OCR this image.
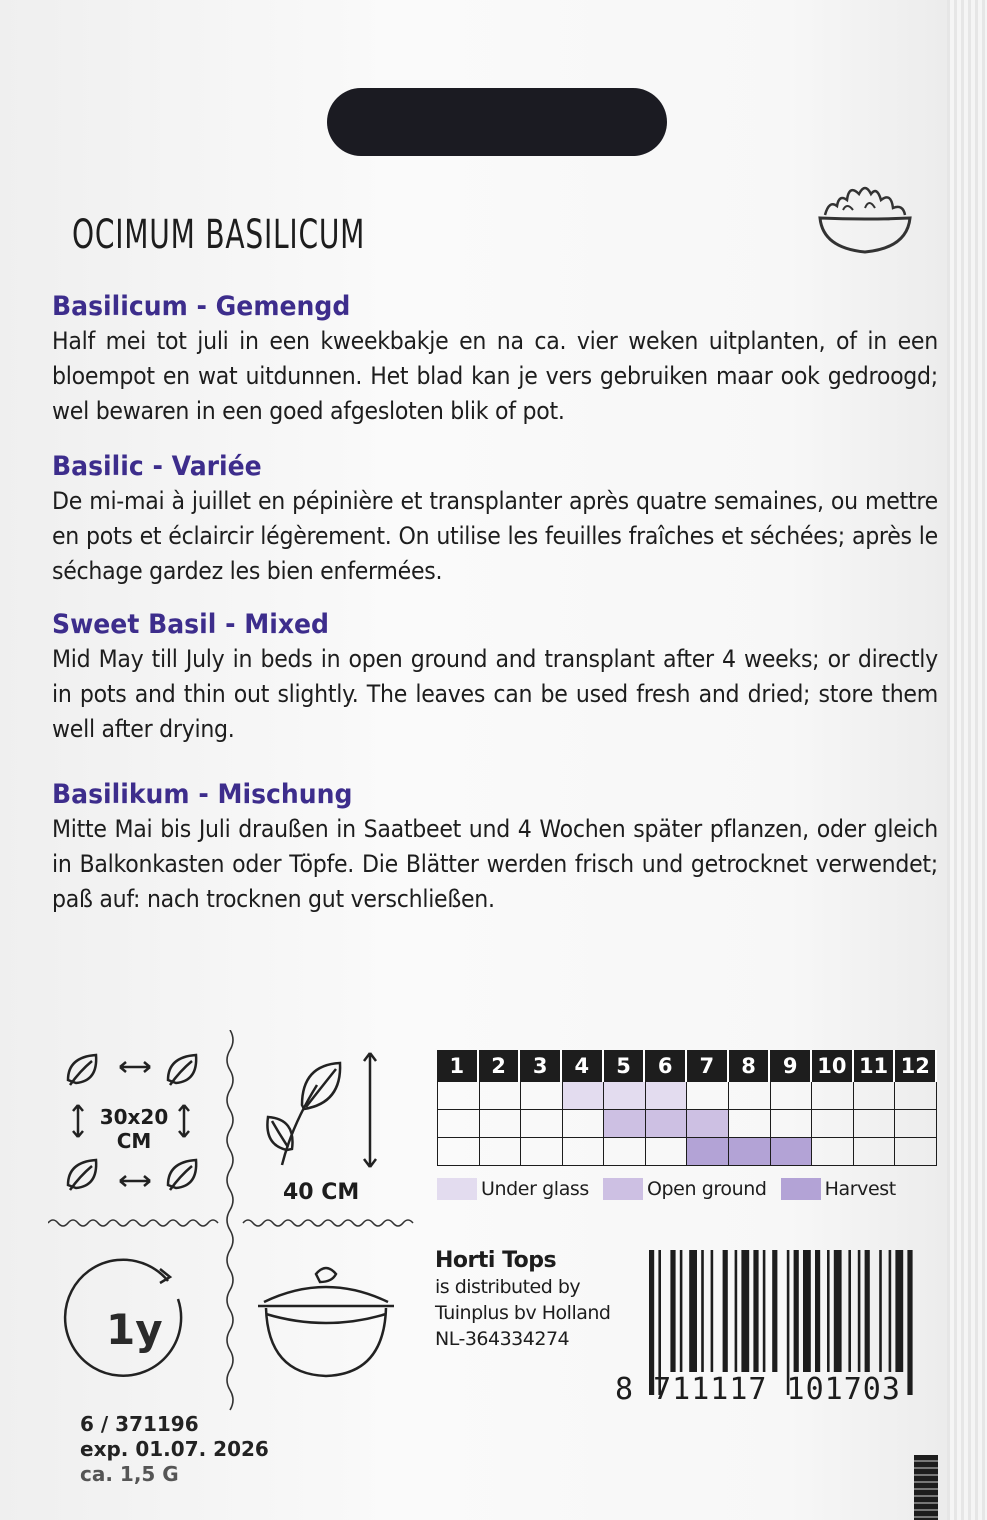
OCIMUM BASILICUM
Basilicum - Gemengd

Half mei tot juli in een kweekbakje en na ca. vier weken uitplanten, of in een bloempot en wat uitdunnen. Het blad kan je vers gebruiken maar ook gedroogd; wel bewaren in een goed afgesloten blik of pot.

Basilic - Variée

De mi-mai à juillet en pépinière et transplanter après quatre semaines, ou mettre en pots et éclaircir légèrement. On utilise les feuilles fraîches et séchées; après le séchage gardez les bien enfermées.

Sweet Basil - Mixed

Mid May till July in beds in open ground and transplant after 4 weeks; or directly in pots and thin out slightly. The leaves can be used fresh and dried; store them well after drying.

Basilikum - Mischung

Mitte Mai bis Juli draußen in Saatbeet und 4 Wochen später pflanzen, oder gleich in Balkonkasten oder Töpfe. Die Blätter werden frisch und getrocknet verwendet; paß auf: nach trocknen gut verschließen.

30x20
CM
40 CM
1y
1	2	3	4	5	6	7	8	9 10 11 12
Under glass	Open ground	Harvest
Horti Tops
is distributed by
Tuinplus bv Holland
NL-364334274
8 711117 101703
6 / 371196
exp. 01.07. 2026
ca. 1,5 G
